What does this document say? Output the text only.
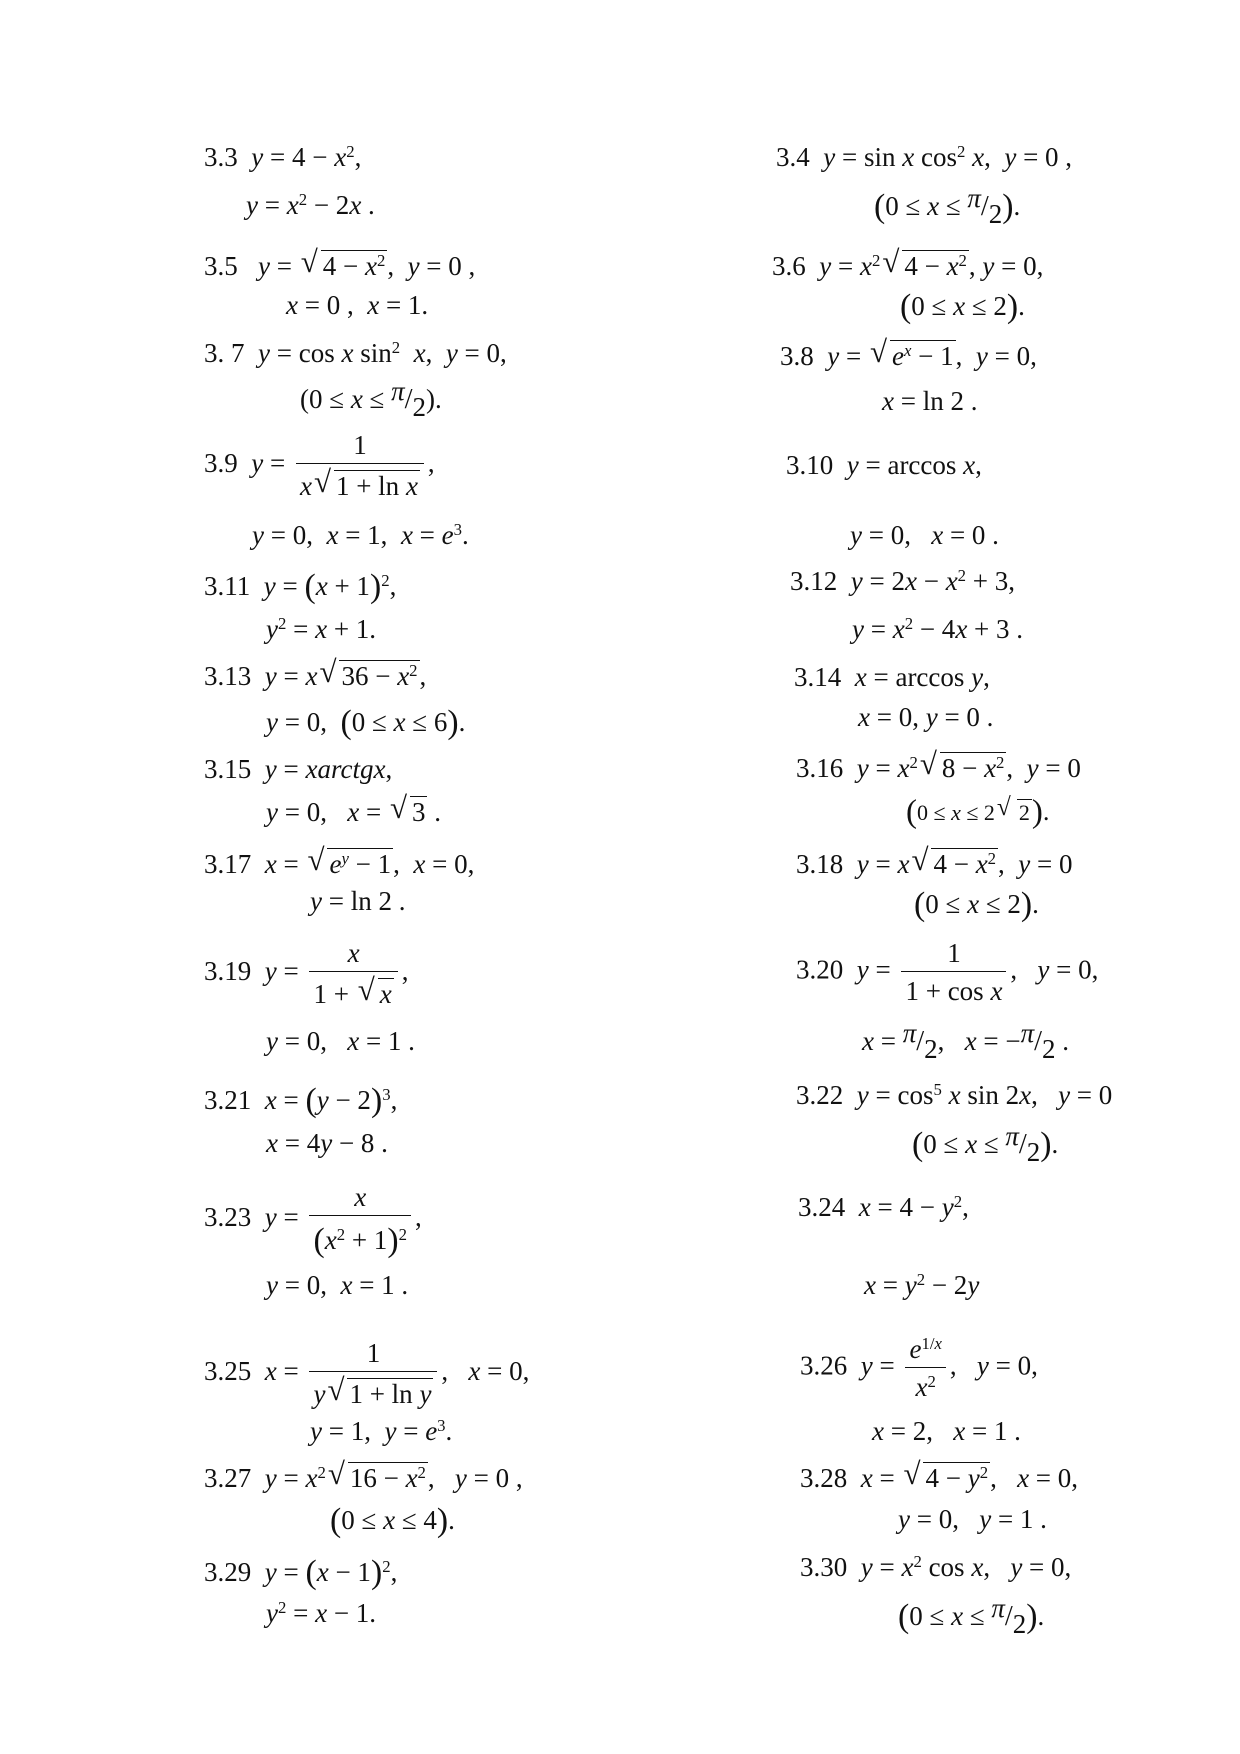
3.3 $y = 4 - x^2$,
$y = x^2 - 2x$ .
3.4 y = sin x $\cos^2 x$,  y = 0 ,
(0 ≤ x ≤ π/2).
3.5 y = √ $4 - x^2$,  y = 0 ,
x = 0 ,  x = 1.
3.6 $y = x^2√$ $4 - x^2$, y = 0,
(0 ≤ x ≤ 2).
3. 7 y = cos x $\sin^2 x$,  y = 0,
(0 ≤ x ≤ π/2).
3.8 y = √ $e^x - 1$,  y = 0,
x = ln 2 .
3.9 $y = \frac{1}{\text{x√ 1 + ln x}}$ ,
y = 0,  x = 1,  $x = e^3$.
3.10 y = arccos x,
y = 0,   x = 0 .
3.11 $y = (x + 1)^2$,
$y^2 = x + 1$.
3.12 $y = 2x - x^2 + 3$,
$y = x^2 - 4x + 3$ .
3.13 y = x√ $36 - x^2$,
y = 0,  (0 ≤ x ≤ 6).
3.14 x = arccos y,
x = 0, y = 0 .
3.15 y = xarctgx,
y = 0,   x = √ 3 .
3.16 $y = x^2√$ $8 - x^2$,  y = 0
(0 ≤ x ≤ 2√ 2).
3.17 x = √ $e^y - 1$,  x = 0,
y = ln 2 .
3.18 y = x√ $4 - x^2$,  y = 0
(0 ≤ x ≤ 2).
3.19 $y = \frac{x}{1 + √ x}$ ,
y = 0,   x = 1 .
3.20 $y = \frac{1}{\text{1 + cos x}}$ ,   y = 0,
x = π/2,   x = −π/2 .
3.21 $x = (y - 2)^3$,
x = 4y − 8 .
3.22 $y = \cos^5 x$ sin 2x,   y = 0
(0 ≤ x ≤ π/2).
3.23 $y = \frac{x}{(x^2 + 1)^2}$ ,
y = 0,  x = 1 .
3.24 $x = 4 - y^2$,
$x = y^2 - 2y$
3.25 $x = \frac{1}{\text{y√ 1 + ln y}}$ ,   x = 0,
y = 1,  $y = e^3$.
3.26 $y = \frac{e^{1/x}}{x^2}$ ,   y = 0,
x = 2,   x = 1 .
3.27 $y = x^2√$ $16 - x^2$,   y = 0 ,
(0 ≤ x ≤ 4).
3.28 x = √ $4 - y^2$,   x = 0,
y = 0,   y = 1 .
3.29 $y = (x - 1)^2$,
$y^2 = x - 1$.
3.30 $y = x^2$ cos x,   y = 0,
(0 ≤ x ≤ π/2).
